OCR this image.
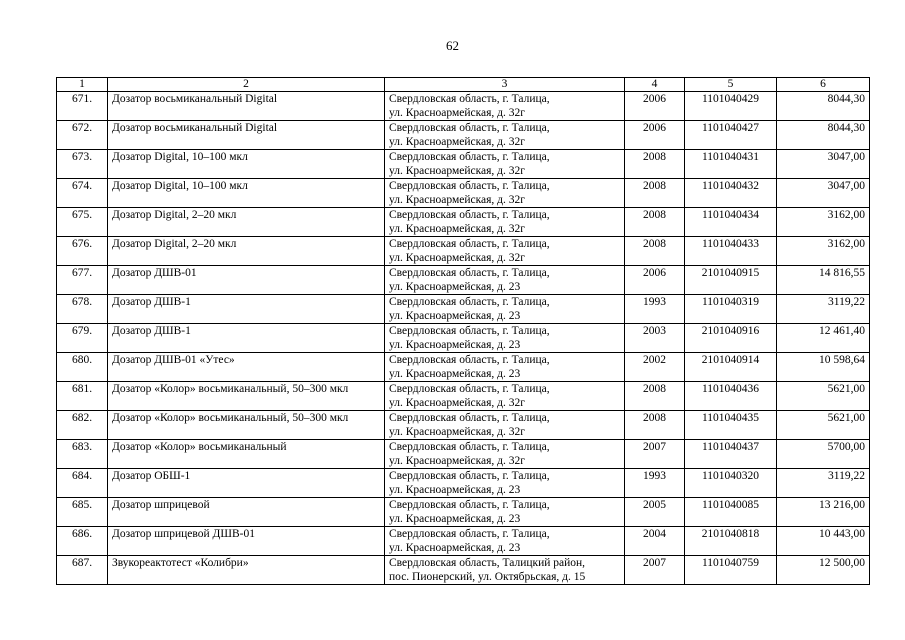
62
1	2	3	4	5	6
671.	Дозатор восьмиканальный Digital	Свердловская область, г. Талица,
ул. Красноармейская, д. 32г	2006	1101040429	8044,30
672.	Дозатор восьмиканальный Digital	Свердловская область, г. Талица,
ул. Красноармейская, д. 32г	2006	1101040427	8044,30
673.	Дозатор Digital, 10–100 мкл	Свердловская область, г. Талица,
ул. Красноармейская, д. 32г	2008	1101040431	3047,00
674.	Дозатор Digital, 10–100 мкл	Свердловская область, г. Талица,
ул. Красноармейская, д. 32г	2008	1101040432	3047,00
675.	Дозатор Digital, 2–20 мкл	Свердловская область, г. Талица,
ул. Красноармейская, д. 32г	2008	1101040434	3162,00
676.	Дозатор Digital, 2–20 мкл	Свердловская область, г. Талица,
ул. Красноармейская, д. 32г	2008	1101040433	3162,00
677.	Дозатор ДШВ-01	Свердловская область, г. Талица,
ул. Красноармейская, д. 23	2006	2101040915	14 816,55
678.	Дозатор ДШВ-1	Свердловская область, г. Талица,
ул. Красноармейская, д. 23	1993	1101040319	3119,22
679.	Дозатор ДШВ-1	Свердловская область, г. Талица,
ул. Красноармейская, д. 23	2003	2101040916	12 461,40
680.	Дозатор ДШВ-01 «Утес»	Свердловская область, г. Талица,
ул. Красноармейская, д. 23	2002	2101040914	10 598,64
681.	Дозатор «Колор» восьмиканальный, 50–300 мкл	Свердловская область, г. Талица,
ул. Красноармейская, д. 32г	2008	1101040436	5621,00
682.	Дозатор «Колор» восьмиканальный, 50–300 мкл	Свердловская область, г. Талица,
ул. Красноармейская, д. 32г	2008	1101040435	5621,00
683.	Дозатор «Колор» восьмиканальный	Свердловская область, г. Талица,
ул. Красноармейская, д. 32г	2007	1101040437	5700,00
684.	Дозатор ОБШ-1	Свердловская область, г. Талица,
ул. Красноармейская, д. 23	1993	1101040320	3119,22
685.	Дозатор шприцевой	Свердловская область, г. Талица,
ул. Красноармейская, д. 23	2005	1101040085	13 216,00
686.	Дозатор шприцевой ДШВ-01	Свердловская область, г. Талица,
ул. Красноармейская, д. 23	2004	2101040818	10 443,00
687.	Звукореактотест «Колибри»	Свердловская область, Талицкий район,
пос. Пионерский, ул. Октябрьская, д. 15	2007	1101040759	12 500,00
